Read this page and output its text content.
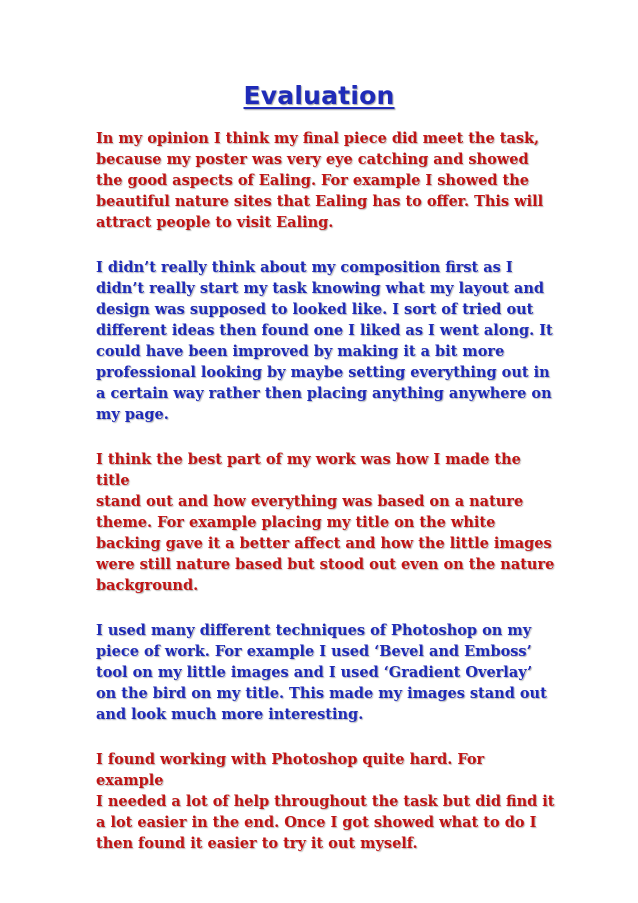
Evaluation

In my opinion I think my final piece did meet the task,
because my poster was very eye catching and showed
the good aspects of Ealing. For example I showed the
beautiful nature sites that Ealing has to offer. This will
attract people to visit Ealing.

I didn’t really think about my composition first as I
didn’t really start my task knowing what my layout and
design was supposed to looked like. I sort of tried out
different ideas then found one I liked as I went along. It
could have been improved by making it a bit more
professional looking by maybe setting everything out in
a certain way rather then placing anything anywhere on
my page.

I think the best part of my work was how I made the title
stand out and how everything was based on a nature
theme. For example placing my title on the white
backing gave it a better affect and how the little images
were still nature based but stood out even on the nature
background.

I used many different techniques of Photoshop on my
piece of work. For example I used ‘Bevel and Emboss’
tool on my little images and I used ‘Gradient Overlay’
on the bird on my title. This made my images stand out
and look much more interesting.

I found working with Photoshop quite hard. For example
I needed a lot of help throughout the task but did find it
a lot easier in the end. Once I got showed what to do I
then found it easier to try it out myself.
